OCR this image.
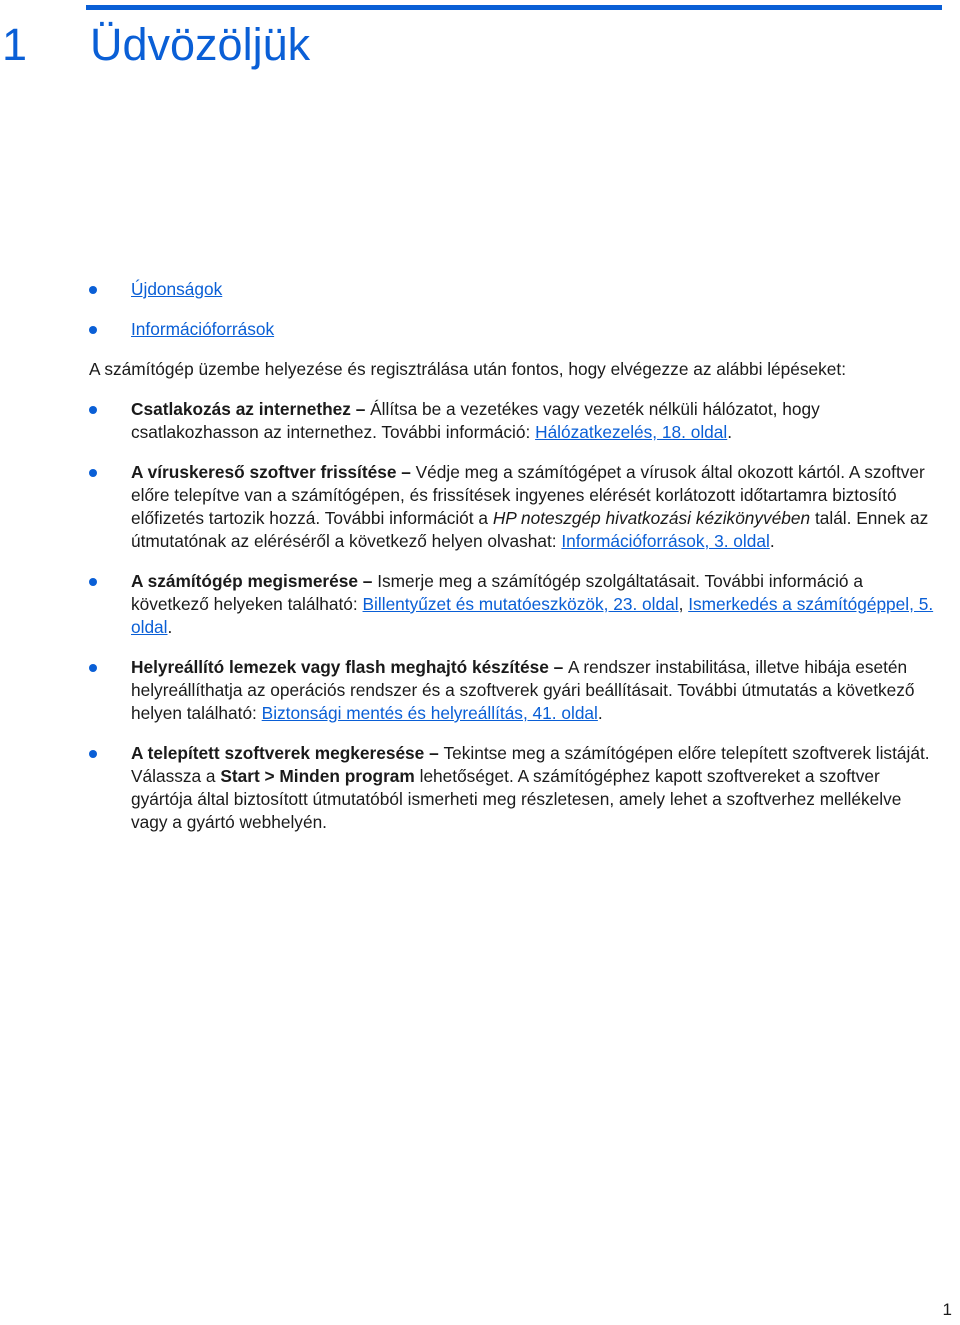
1 Üdvözöljük
Újdonságok
Információforrások

A számítógép üzembe helyezése és regisztrálása után fontos, hogy elvégezze az alábbi lépéseket:

Csatlakozás az internethez – Állítsa be a vezetékes vagy vezeték nélküli hálózatot, hogy csatlakozhasson az internethez. További információ: Hálózatkezelés, 18. oldal.
A víruskereső szoftver frissítése – Védje meg a számítógépet a vírusok által okozott kártól. A szoftver előre telepítve van a számítógépen, és frissítések ingyenes elérését korlátozott időtartamra biztosító előfizetés tartozik hozzá. További információt a HP noteszgép hivatkozási kézikönyvében talál. Ennek az útmutatónak az eléréséről a következő helyen olvashat: Információforrások, 3. oldal.
A számítógép megismerése – Ismerje meg a számítógép szolgáltatásait. További információ a következő helyeken található: Billentyűzet és mutatóeszközök, 23. oldal, Ismerkedés a számítógéppel, 5. oldal.
Helyreállító lemezek vagy flash meghajtó készítése – A rendszer instabilitása, illetve hibája esetén helyreállíthatja az operációs rendszer és a szoftverek gyári beállításait. További útmutatás a következő helyen található: Biztonsági mentés és helyreállítás, 41. oldal.
A telepített szoftverek megkeresése – Tekintse meg a számítógépen előre telepített szoftverek listáját. Válassza a Start > Minden program lehetőséget. A számítógéphez kapott szoftvereket a szoftver gyártója által biztosított útmutatóból ismerheti meg részletesen, amely lehet a szoftverhez mellékelve vagy a gyártó webhelyén.
1
